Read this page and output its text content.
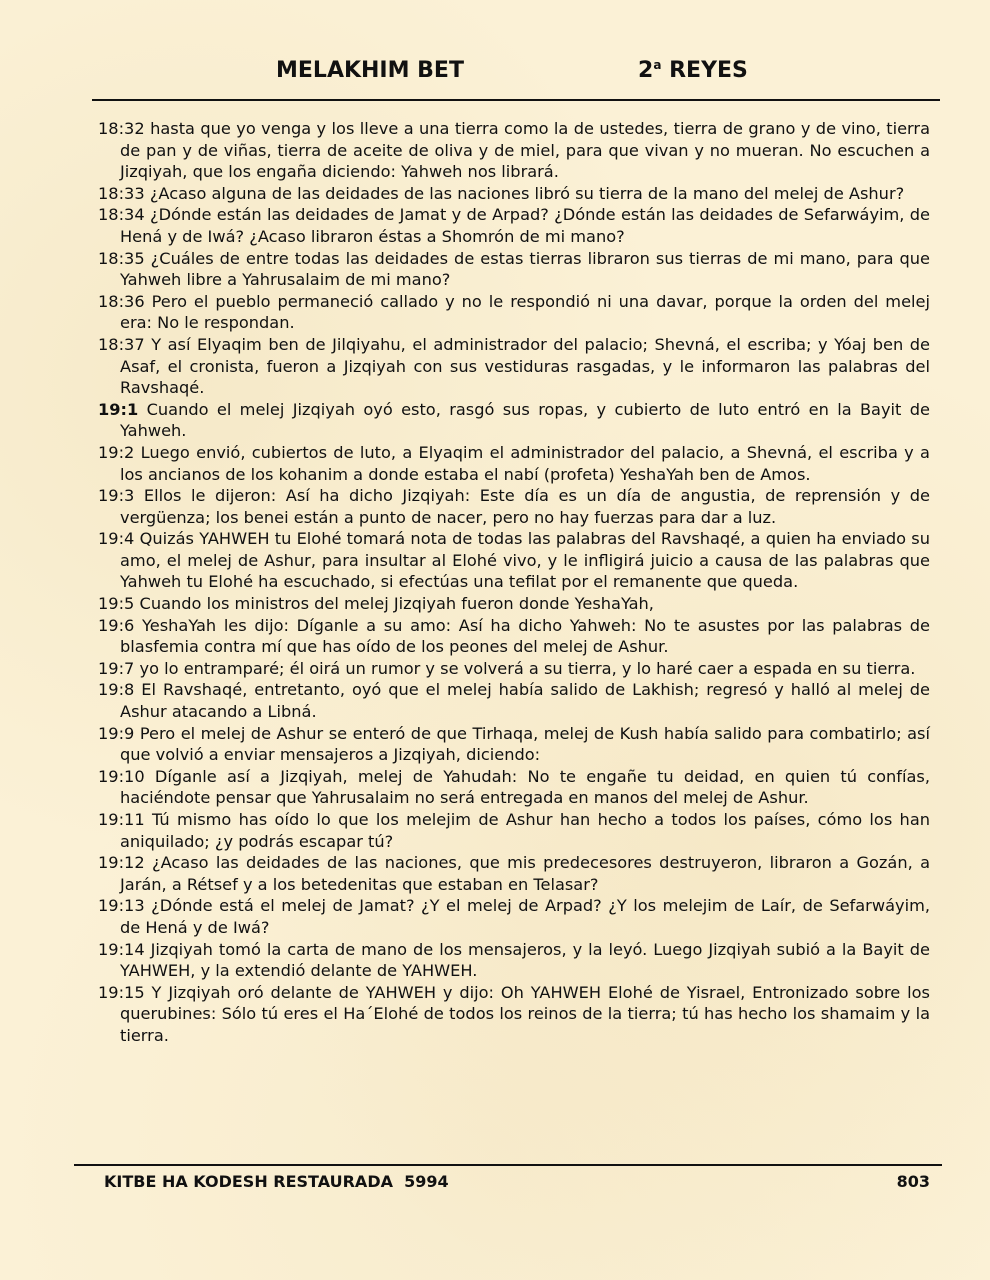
MELAKHIM BET	2$^a$ REYES

18:32 hasta que yo venga y los lleve a una tierra como la de ustedes, tierra de grano y de vino, tierra de pan y de viñas, tierra de aceite de oliva y de miel, para que vivan y no mueran. No escuchen a Jizqiyah, que los engaña diciendo: Yahweh nos librará.

18:33 ¿Acaso alguna de las deidades de las naciones libró su tierra de la mano del melej de Ashur?

18:34 ¿Dónde están las deidades de Jamat y de Arpad? ¿Dónde están las deidades de Sefarwáyim, de Hená y de Iwá? ¿Acaso libraron éstas a Shomrón de mi mano?

18:35 ¿Cuáles de entre todas las deidades de estas tierras libraron sus tierras de mi mano, para que Yahweh libre a Yahrusalaim de mi mano?

18:36 Pero el pueblo permaneció callado y no le respondió ni una davar, porque la orden del melej era: No le respondan.

18:37 Y así Elyaqim ben de Jilqiyahu, el administrador del palacio; Shevná, el escriba; y Yóaj ben de Asaf, el cronista, fueron a Jizqiyah con sus vestiduras rasgadas, y le informaron las palabras del Ravshaqé.

19:1 Cuando el melej Jizqiyah oyó esto, rasgó sus ropas, y cubierto de luto entró en la Bayit de Yahweh.

19:2 Luego envió, cubiertos de luto, a Elyaqim el administrador del palacio, a Shevná, el escriba y a los ancianos de los kohanim a donde estaba el nabí (profeta) YeshaYah ben de Amos.

19:3 Ellos le dijeron: Así ha dicho Jizqiyah: Este día es un día de angustia, de reprensión y de vergüenza; los benei están a punto de nacer, pero no hay fuerzas para dar a luz.

19:4 Quizás YAHWEH tu Elohé tomará nota de todas las palabras del Ravshaqé, a quien ha enviado su amo, el melej de Ashur, para insultar al Elohé vivo, y le infligirá juicio a causa de las palabras que Yahweh tu Elohé ha escuchado, si efectúas una tefilat por el remanente que queda.

19:5 Cuando los ministros del melej Jizqiyah fueron donde YeshaYah,

19:6 YeshaYah les dijo: Díganle a su amo: Así ha dicho Yahweh: No te asustes por las palabras de blasfemia contra mí que has oído de los peones del melej de Ashur.

19:7 yo lo entramparé; él oirá un rumor y se volverá a su tierra, y lo haré caer a espada en su tierra.

19:8 El Ravshaqé, entretanto, oyó que el melej había salido de Lakhish; regresó y halló al melej de Ashur atacando a Libná.

19:9 Pero el melej de Ashur se enteró de que Tirhaqa, melej de Kush había salido para combatirlo; así que volvió a enviar mensajeros a Jizqiyah, diciendo:

19:10 Díganle así a Jizqiyah, melej de Yahudah: No te engañe tu deidad, en quien tú confías, haciéndote pensar que Yahrusalaim no será entregada en manos del melej de Ashur.

19:11 Tú mismo has oído lo que los melejim de Ashur han hecho a todos los países, cómo los han aniquilado; ¿y podrás escapar tú?

19:12 ¿Acaso las deidades de las naciones, que mis predecesores destruyeron, libraron a Gozán, a Jarán, a Rétsef y a los betedenitas que estaban en Telasar?

19:13 ¿Dónde está el melej de Jamat? ¿Y el melej de Arpad? ¿Y los melejim de Laír, de Sefarwáyim, de Hená y de Iwá?

19:14 Jizqiyah tomó la carta de mano de los mensajeros, y la leyó. Luego Jizqiyah subió a la Bayit de YAHWEH, y la extendió delante de YAHWEH.

19:15 Y Jizqiyah oró delante de YAHWEH y dijo: Oh YAHWEH Elohé de Yisrael, Entronizado sobre los querubines: Sólo tú eres el Ha´Elohé de todos los reinos de la tierra; tú has hecho los shamaim y la tierra.

KITBE HA KODESH RESTAURADA  5994	803
